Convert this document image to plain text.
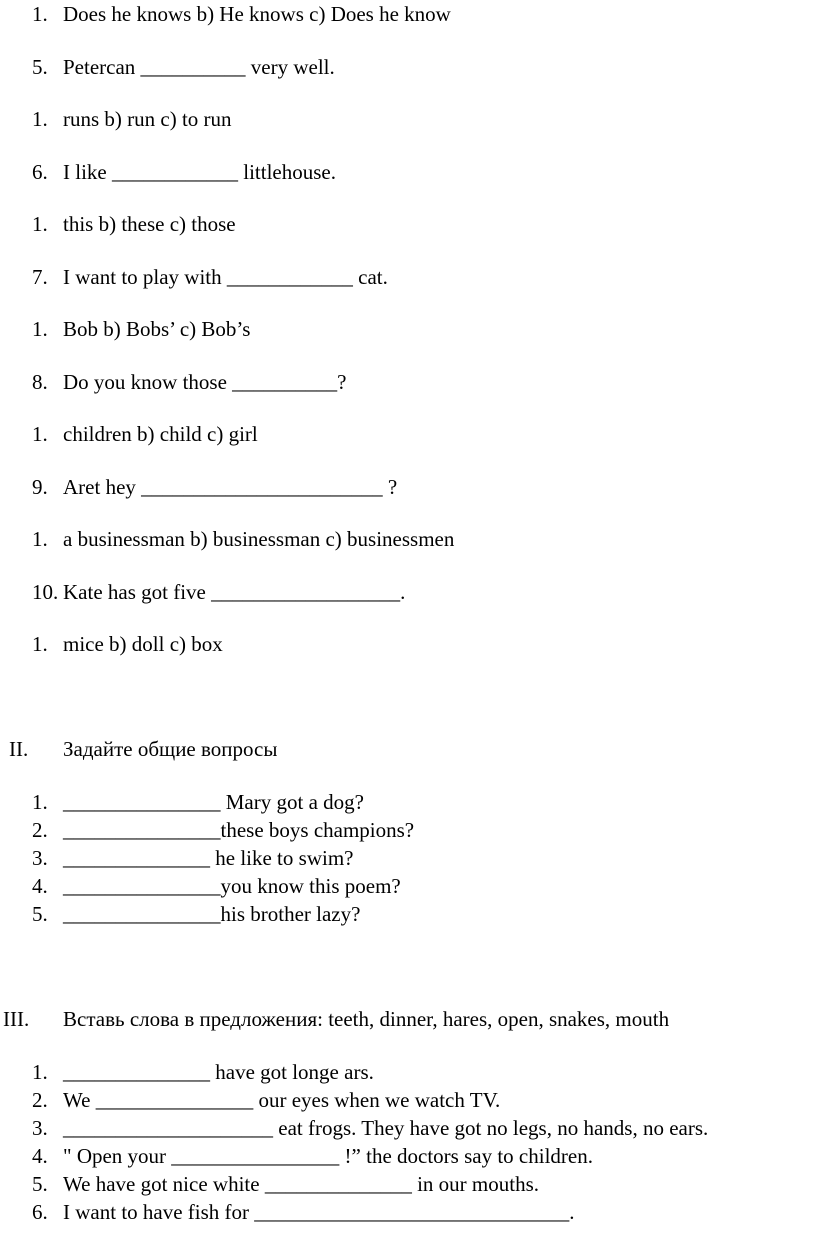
1. Does he knows b) He knows c) Does he know
5. Petercan __________ very well.
1. runs b) run c) to run
6. I like ____________ littlehouse.
1. this b) these c) those
7. I want to play with ____________ cat.
1. Bob b) Bobs’ c) Bob’s
8. Do you know those __________?
1. children b) child c) girl
9. Aret hey _______________________ ?
1. a businessman b) businessman c) businessmen
10. Kate has got five __________________.
1. mice b) doll c) box
II. Задайте общие вопросы
1. _______________ Mary got a dog?
2. _______________these boys champions?
3. ______________ he like to swim?
4. _______________you know this poem?
5. _______________his brother lazy?
III. Вставь слова в предложения: teeth, dinner, hares, open, snakes, mouth
1. ______________ have got longe ars.
2. We _______________ our eyes when we watch TV.
3. ____________________ eat frogs. They have got no legs, no hands, no ears.
4. " Open your ________________ !” the doctors say to children.
5. We have got nice white ______________ in our mouths.
6. I want to have fish for ______________________________.
